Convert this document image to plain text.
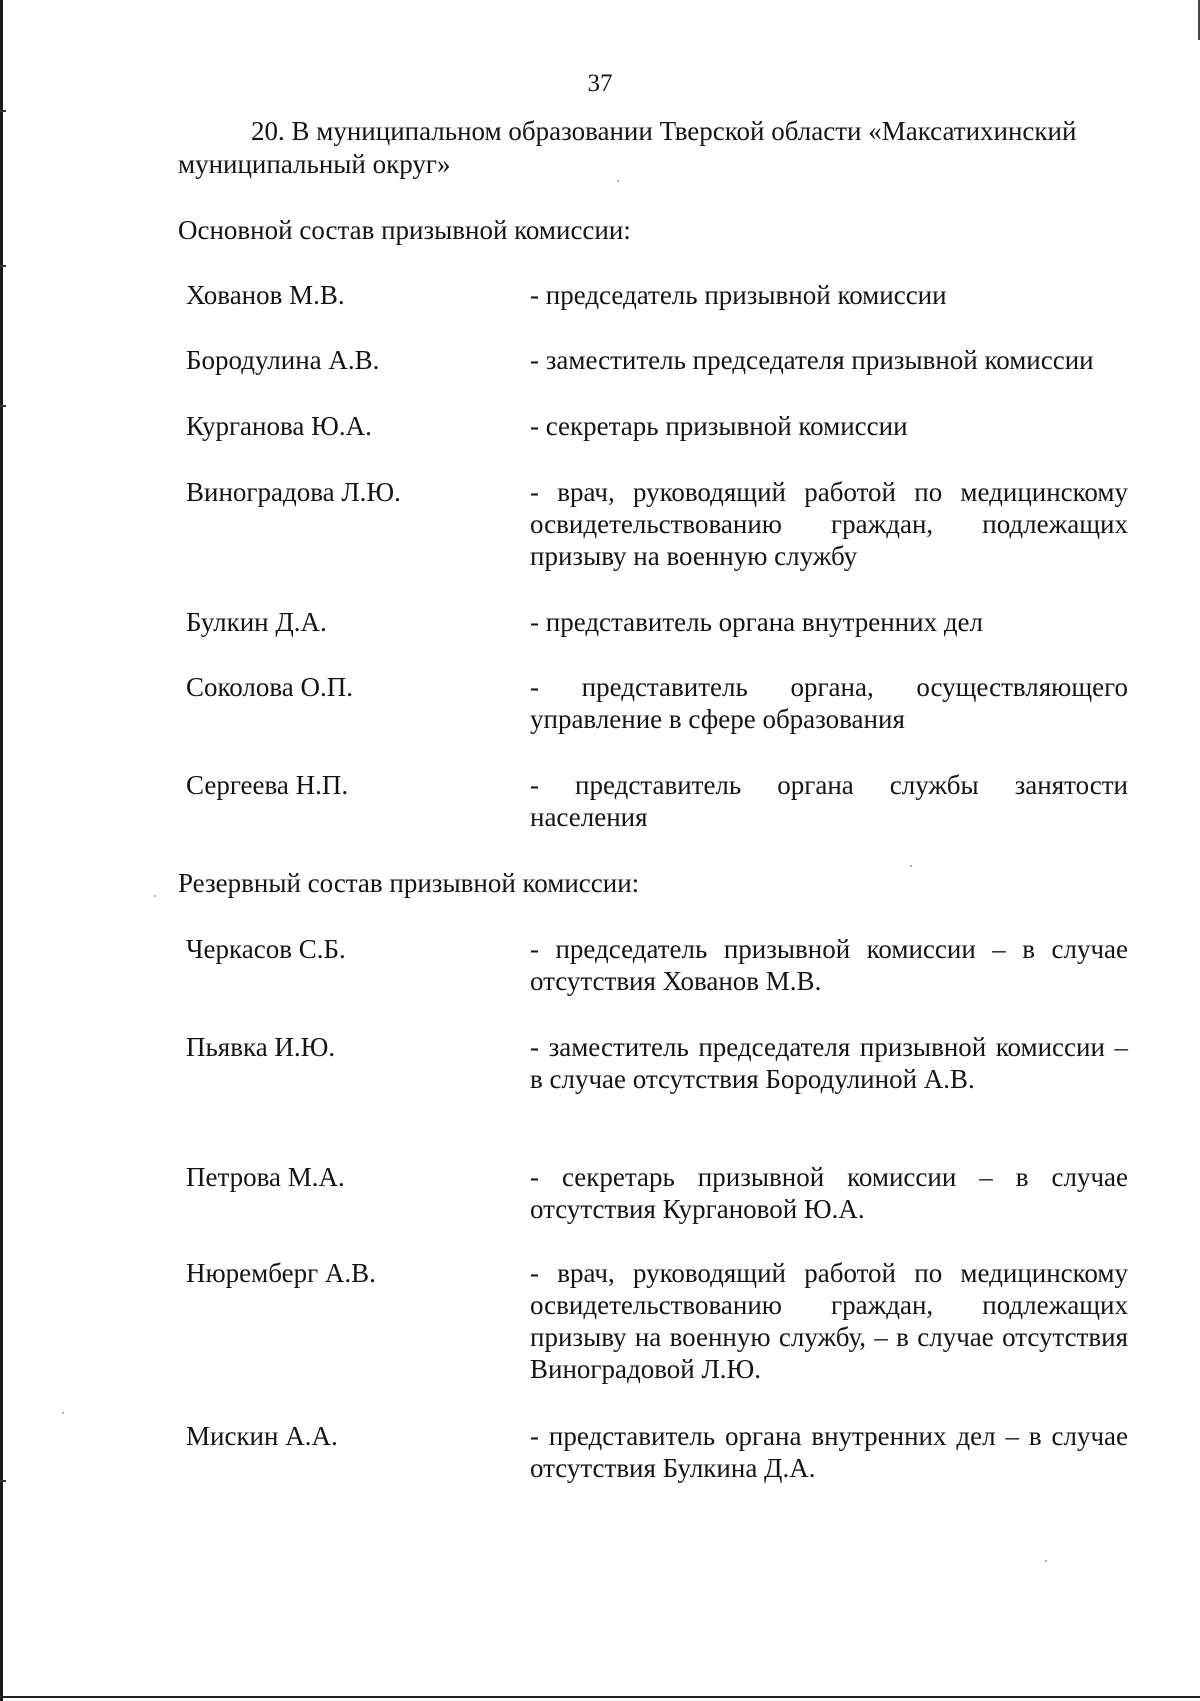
37
20. В муниципальном образовании Тверской области «Максатихинский муниципальный округ»
Основной состав призывной комиссии:
Хованов М.В.	- председатель призывной комиссии
Бородулина А.В.	- заместитель председателя призывной комиссии
Курганова Ю.А.	- секретарь призывной комиссии
Виноградова Л.Ю.	- врач, руководящий работой по медицинскому освидетельствованию граждан, подлежащих призыву на военную службу
Булкин Д.А.	- представитель органа внутренних дел
Соколова О.П.	- представитель органа, осуществляющего управление в сфере образования
Сергеева Н.П.	- представитель органа службы занятости населения
Резервный состав призывной комиссии:
Черкасов С.Б.	- председатель призывной комиссии – в случае отсутствия Хованов М.В.
Пьявка И.Ю.	- заместитель председателя призывной комиссии – в случае отсутствия Бородулиной А.В.
Петрова М.А.	- секретарь призывной комиссии – в случае отсутствия Кургановой Ю.А.
Нюремберг А.В.	- врач, руководящий работой по медицинскому освидетельствованию граждан, подлежащих призыву на военную службу, – в случае отсутствия Виноградовой Л.Ю.
Мискин А.А.	- представитель органа внутренних дел – в случае отсутствия Булкина Д.А.
